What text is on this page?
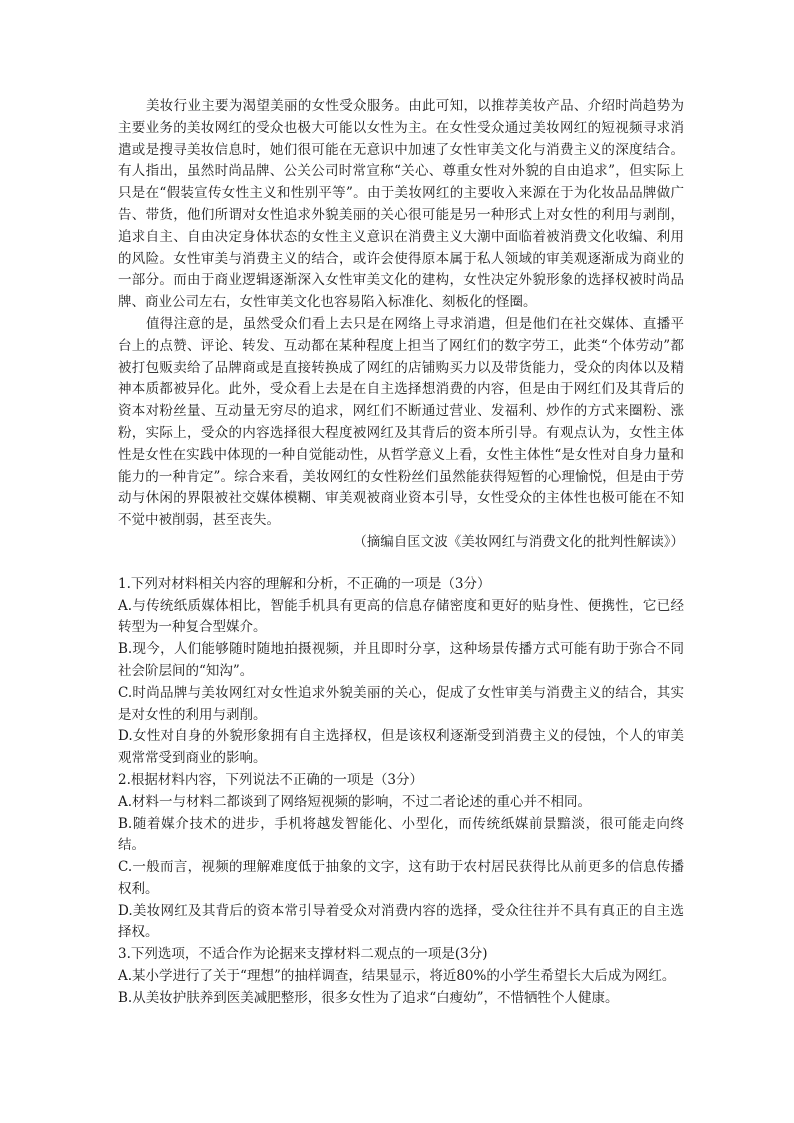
美妆行业主要为渴望美丽的女性受众服务。由此可知，以推荐美妆产品、介绍时尚趋势为主要业务的美妆网红的受众也极大可能以女性为主。在女性受众通过美妆网红的短视频寻求消遣或是搜寻美妆信息时，她们很可能在无意识中加速了女性审美文化与消费主义的深度结合。有人指出，虽然时尚品牌、公关公司时常宣称“关心、尊重女性对外貌的自由追求”，但实际上只是在“假装宣传女性主义和性别平等”。由于美妆网红的主要收入来源在于为化妆品品牌做广告、带货，他们所谓对女性追求外貌美丽的关心很可能是另一种形式上对女性的利用与剥削，追求自主、自由决定身体状态的女性主义意识在消费主义大潮中面临着被消费文化收编、利用的风险。女性审美与消费主义的结合，或许会使得原本属于私人领域的审美观逐渐成为商业的一部分。而由于商业逻辑逐渐深入女性审美文化的建构，女性决定外貌形象的选择权被时尚品牌、商业公司左右，女性审美文化也容易陷入标准化、刻板化的怪圈。

值得注意的是，虽然受众们看上去只是在网络上寻求消遣，但是他们在社交媒体、直播平台上的点赞、评论、转发、互动都在某种程度上担当了网红们的数字劳工，此类“个体劳动”都被打包贩卖给了品牌商或是直接转换成了网红的店铺购买力以及带货能力，受众的肉体以及精神本质都被异化。此外，受众看上去是在自主选择想消费的内容，但是由于网红们及其背后的资本对粉丝量、互动量无穷尽的追求，网红们不断通过营业、发福利、炒作的方式来圈粉、涨粉，实际上，受众的内容选择很大程度被网红及其背后的资本所引导。有观点认为，女性主体性是女性在实践中体现的一种自觉能动性，从哲学意义上看，女性主体性“是女性对自身力量和能力的一种肯定”。综合来看，美妆网红的女性粉丝们虽然能获得短暂的心理愉悦，但是由于劳动与休闲的界限被社交媒体模糊、审美观被商业资本引导，女性受众的主体性也极可能在不知不觉中被削弱，甚至丧失。

（摘编自匡文波《美妆网红与消费文化的批判性解读》）

1.下列对材料相关内容的理解和分析，不正确的一项是（3分）

A.与传统纸质媒体相比，智能手机具有更高的信息存储密度和更好的贴身性、便携性，它已经转型为一种复合型媒介。

B.现今，人们能够随时随地拍摄视频，并且即时分享，这种场景传播方式可能有助于弥合不同社会阶层间的“知沟”。

C.时尚品牌与美妆网红对女性追求外貌美丽的关心，促成了女性审美与消费主义的结合，其实是对女性的利用与剥削。

D.女性对自身的外貌形象拥有自主选择权，但是该权利逐渐受到消费主义的侵蚀，个人的审美观常常受到商业的影响。

2.根据材料内容，下列说法不正确的一项是（3分）

A.材料一与材料二都谈到了网络短视频的影响，不过二者论述的重心并不相同。

B.随着媒介技术的进步，手机将越发智能化、小型化，而传统纸媒前景黯淡，很可能走向终结。

C.一般而言，视频的理解难度低于抽象的文字，这有助于农村居民获得比从前更多的信息传播权利。

D.美妆网红及其背后的资本常引导着受众对消费内容的选择，受众往往并不具有真正的自主选择权。

3.下列选项，不适合作为论据来支撑材料二观点的一项是(3分)

A.某小学进行了关于“理想”的抽样调查，结果显示，将近80%的小学生希望长大后成为网红。

B.从美妆护肤养到医美减肥整形，很多女性为了追求“白瘦幼”，不惜牺牲个人健康。
